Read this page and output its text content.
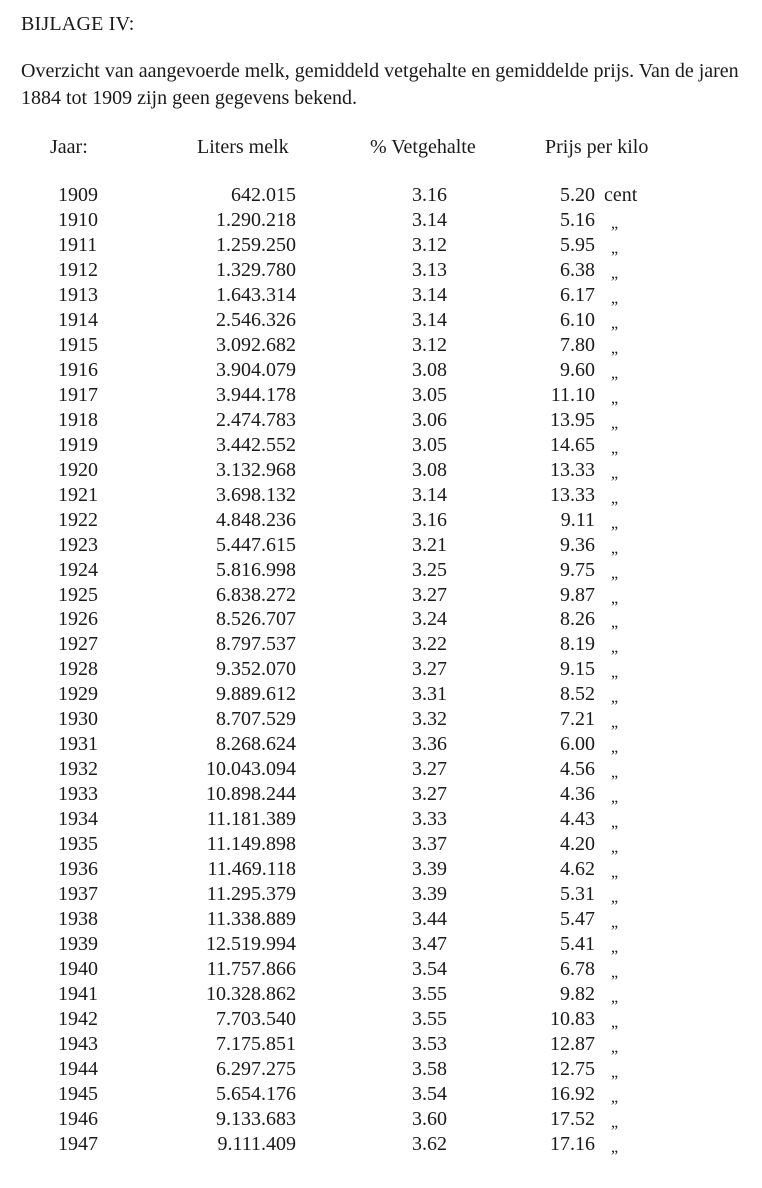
BIJLAGE IV:
Overzicht van aangevoerde melk, gemiddeld vetgehalte en gemiddelde prijs. Van de jaren 1884 tot 1909 zijn geen gegevens bekend.
Jaar:	Liters melk	% Vetgehalte	Prijs per kilo
1909	642.015	3.16	5.20 cent
1910	1.290.218	3.14	5.16 „
1911	1.259.250	3.12	5.95 „
1912	1.329.780	3.13	6.38 „
1913	1.643.314	3.14	6.17 „
1914	2.546.326	3.14	6.10 „
1915	3.092.682	3.12	7.80 „
1916	3.904.079	3.08	9.60 „
1917	3.944.178	3.05	11.10 „
1918	2.474.783	3.06	13.95 „
1919	3.442.552	3.05	14.65 „
1920	3.132.968	3.08	13.33 „
1921	3.698.132	3.14	13.33 „
1922	4.848.236	3.16	9.11 „
1923	5.447.615	3.21	9.36 „
1924	5.816.998	3.25	9.75 „
1925	6.838.272	3.27	9.87 „
1926	8.526.707	3.24	8.26 „
1927	8.797.537	3.22	8.19 „
1928	9.352.070	3.27	9.15 „
1929	9.889.612	3.31	8.52 „
1930	8.707.529	3.32	7.21 „
1931	8.268.624	3.36	6.00 „
1932	10.043.094	3.27	4.56 „
1933	10.898.244	3.27	4.36 „
1934	11.181.389	3.33	4.43 „
1935	11.149.898	3.37	4.20 „
1936	11.469.118	3.39	4.62 „
1937	11.295.379	3.39	5.31 „
1938	11.338.889	3.44	5.47 „
1939	12.519.994	3.47	5.41 „
1940	11.757.866	3.54	6.78 „
1941	10.328.862	3.55	9.82 „
1942	7.703.540	3.55	10.83 „
1943	7.175.851	3.53	12.87 „
1944	6.297.275	3.58	12.75 „
1945	5.654.176	3.54	16.92 „
1946	9.133.683	3.60	17.52 „
1947	9.111.409	3.62	17.16 „
